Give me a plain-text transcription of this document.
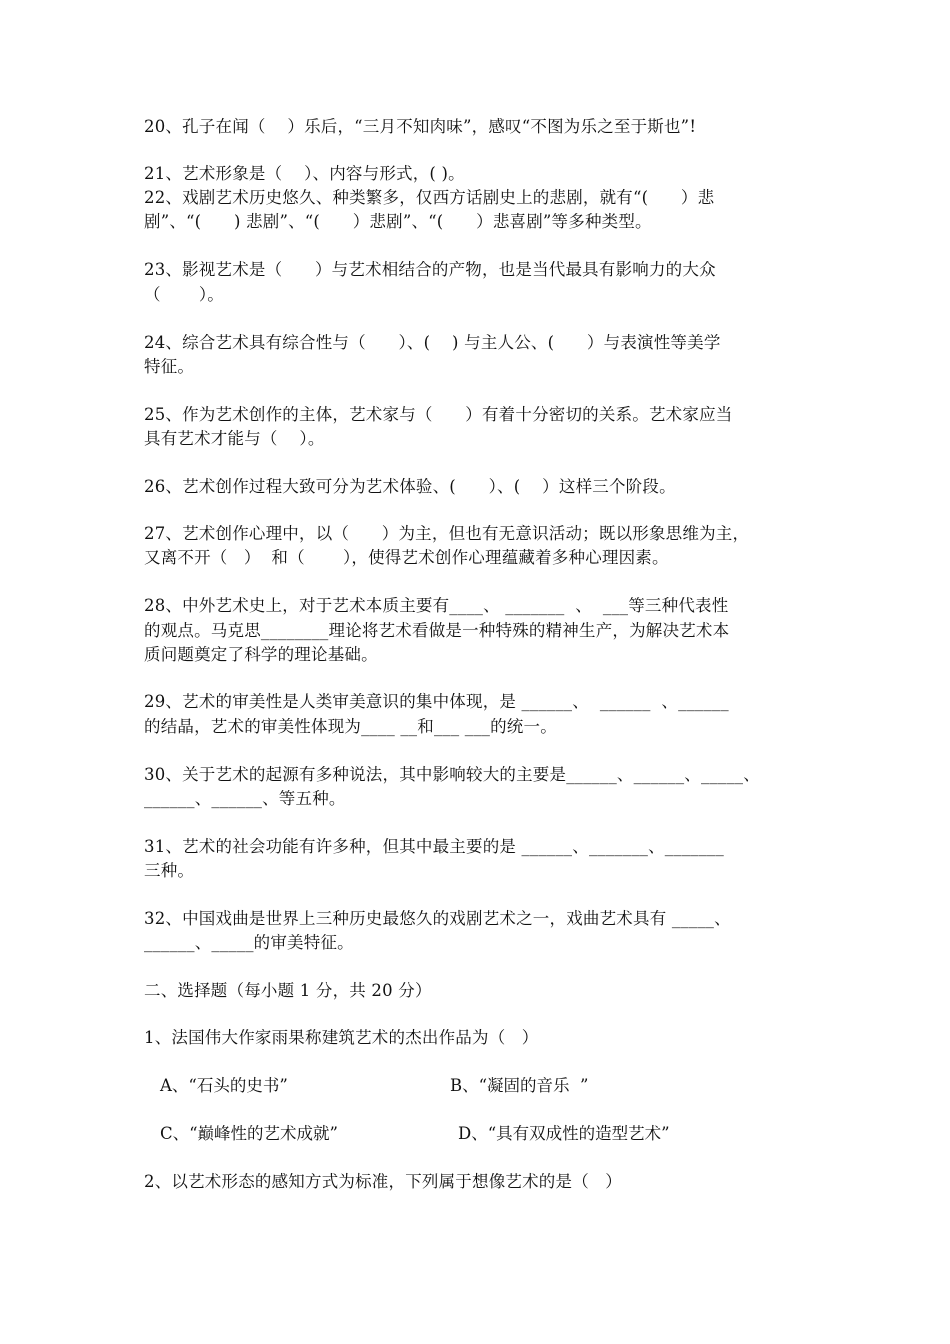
20、孔子在闻（    ）乐后，“三月不知肉味”，感叹“不图为乐之至于斯也”!
21、艺术形象是（    ）、内容与形式，( )。
22、戏剧艺术历史悠久、种类繁多，仅西方话剧史上的悲剧，就有“(      ）悲
剧”、“(      ) 悲剧”、“(      ）悲剧”、“(      ）悲喜剧”等多种类型。
23、影视艺术是（      ）与艺术相结合的产物，也是当代最具有影响力的大众
（       ）。
24、综合艺术具有综合性与（      ）、(    ) 与主人公、(      ）与表演性等美学
特征。
25、作为艺术创作的主体，艺术家与（      ）有着十分密切的关系。艺术家应当
具有艺术才能与（    ）。
26、艺术创作过程大致可分为艺术体验、(      ）、(    ）这样三个阶段。
27、艺术创作心理中，以（      ）为主，但也有无意识活动；既以形象思维为主，
又离不开（   ）  和（       ），使得艺术创作心理蕴藏着多种心理因素。
28、中外艺术史上，对于艺术本质主要有____、 _______  、  ___等三种代表性
的观点。马克思________理论将艺术看做是一种特殊的精神生产，为解决艺术本
质问题奠定了科学的理论基础。
29、艺术的审美性是人类审美意识的集中体现，是 ______、  ______  、______
的结晶，艺术的审美性体现为____ __和___ ___的统一。
30、关于艺术的起源有多种说法，其中影响较大的主要是______、______、_____、
______、______、等五种。
31、艺术的社会功能有许多种，但其中最主要的是 ______、_______、_______
三种。
32、中国戏曲是世界上三种历史最悠久的戏剧艺术之一，戏曲艺术具有 _____、
______、_____的审美特征。
二、选择题（每小题 1 分，共 20 分）
1、法国伟大作家雨果称建筑艺术的杰出作品为（   ）
A、“石头的史书”	B、“凝固的音乐  ”
C、“巅峰性的艺术成就”	D、“具有双成性的造型艺术”
2、以艺术形态的感知方式为标准，下列属于想像艺术的是（   ）
